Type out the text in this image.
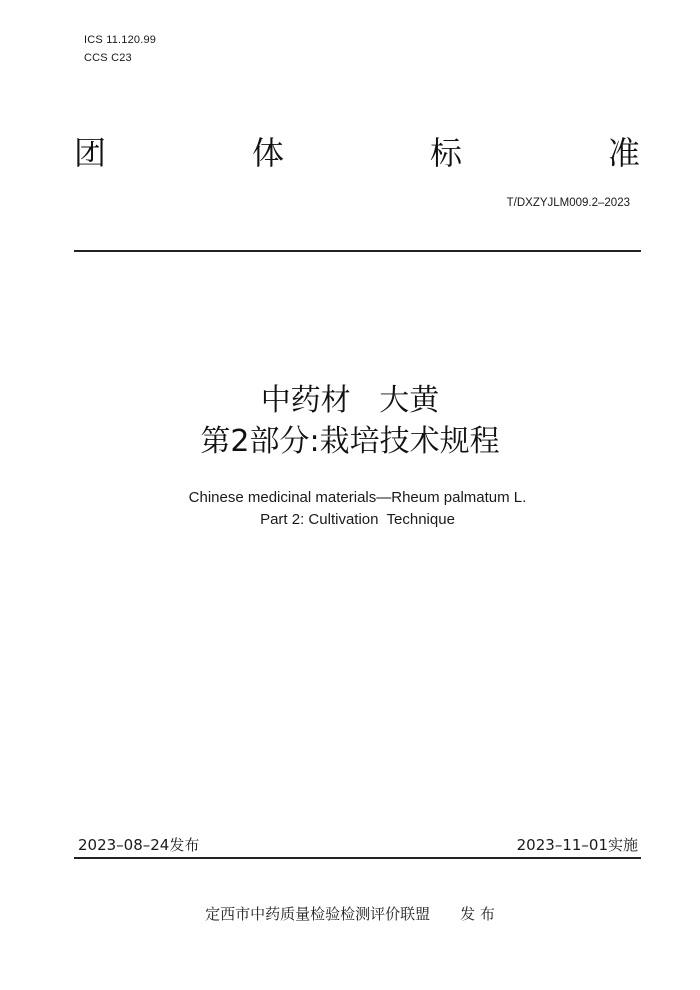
ICS 11.120.99
CCS C23
团	体	标	准
T/DXZYJLM009.2–2023
中药材   大黄
第2部分:栽培技术规程
Chinese medicinal materials—Rheum palmatum L.
Part 2: Cultivation  Technique
2023–08–24发布	2023–11–01实施
定西市中药质量检验检测评价联盟 发 布
